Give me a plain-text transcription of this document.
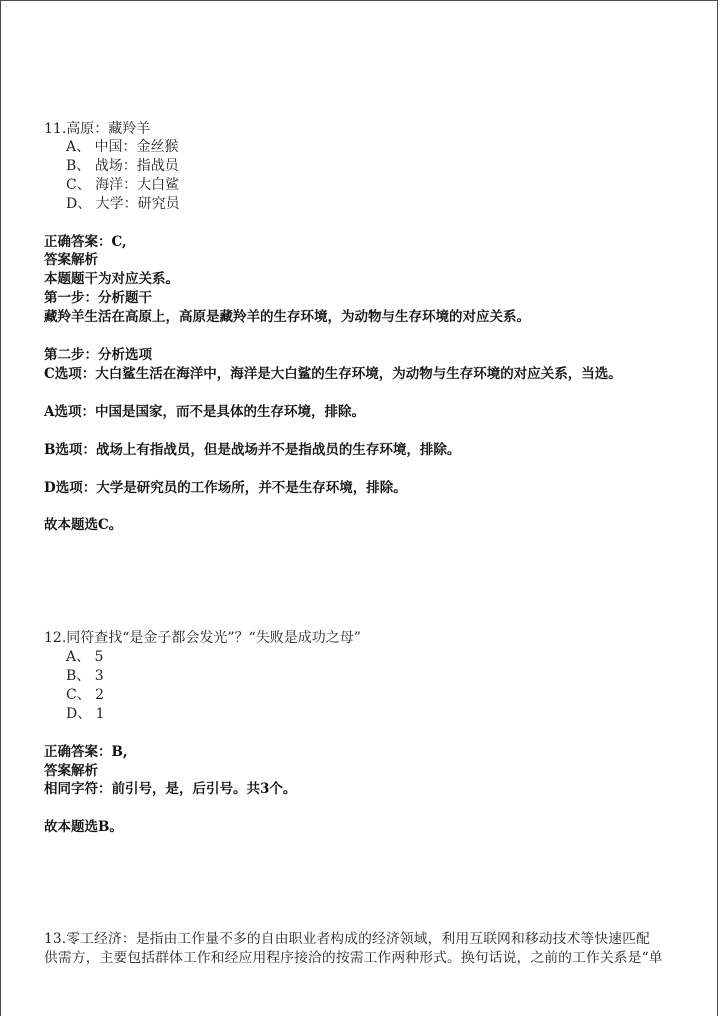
11.高原：藏羚羊
A、 中国：金丝猴
B、 战场：指战员
C、 海洋：大白鲨
D、 大学：研究员
正确答案：C,
答案解析
本题题干为对应关系。
第一步：分析题干
藏羚羊生活在高原上，高原是藏羚羊的生存环境，为动物与生存环境的对应关系。
第二步：分析选项
C选项：大白鲨生活在海洋中，海洋是大白鲨的生存环境，为动物与生存环境的对应关系，当选。
A选项：中国是国家，而不是具体的生存环境，排除。
B选项：战场上有指战员，但是战场并不是指战员的生存环境，排除。
D选项：大学是研究员的工作场所，并不是生存环境，排除。
故本题选C。
12.同符查找“是金子都会发光”？“失败是成功之母”
A、 5
B、 3
C、 2
D、 1
正确答案：B,
答案解析
相同字符：前引号，是，后引号。共3个。
故本题选B。
13.零工经济：是指由工作量不多的自由职业者构成的经济领域，利用互联网和移动技术等快速匹配
供需方，主要包括群体工作和经应用程序接洽的按需工作两种形式。换句话说，之前的工作关系是“单
